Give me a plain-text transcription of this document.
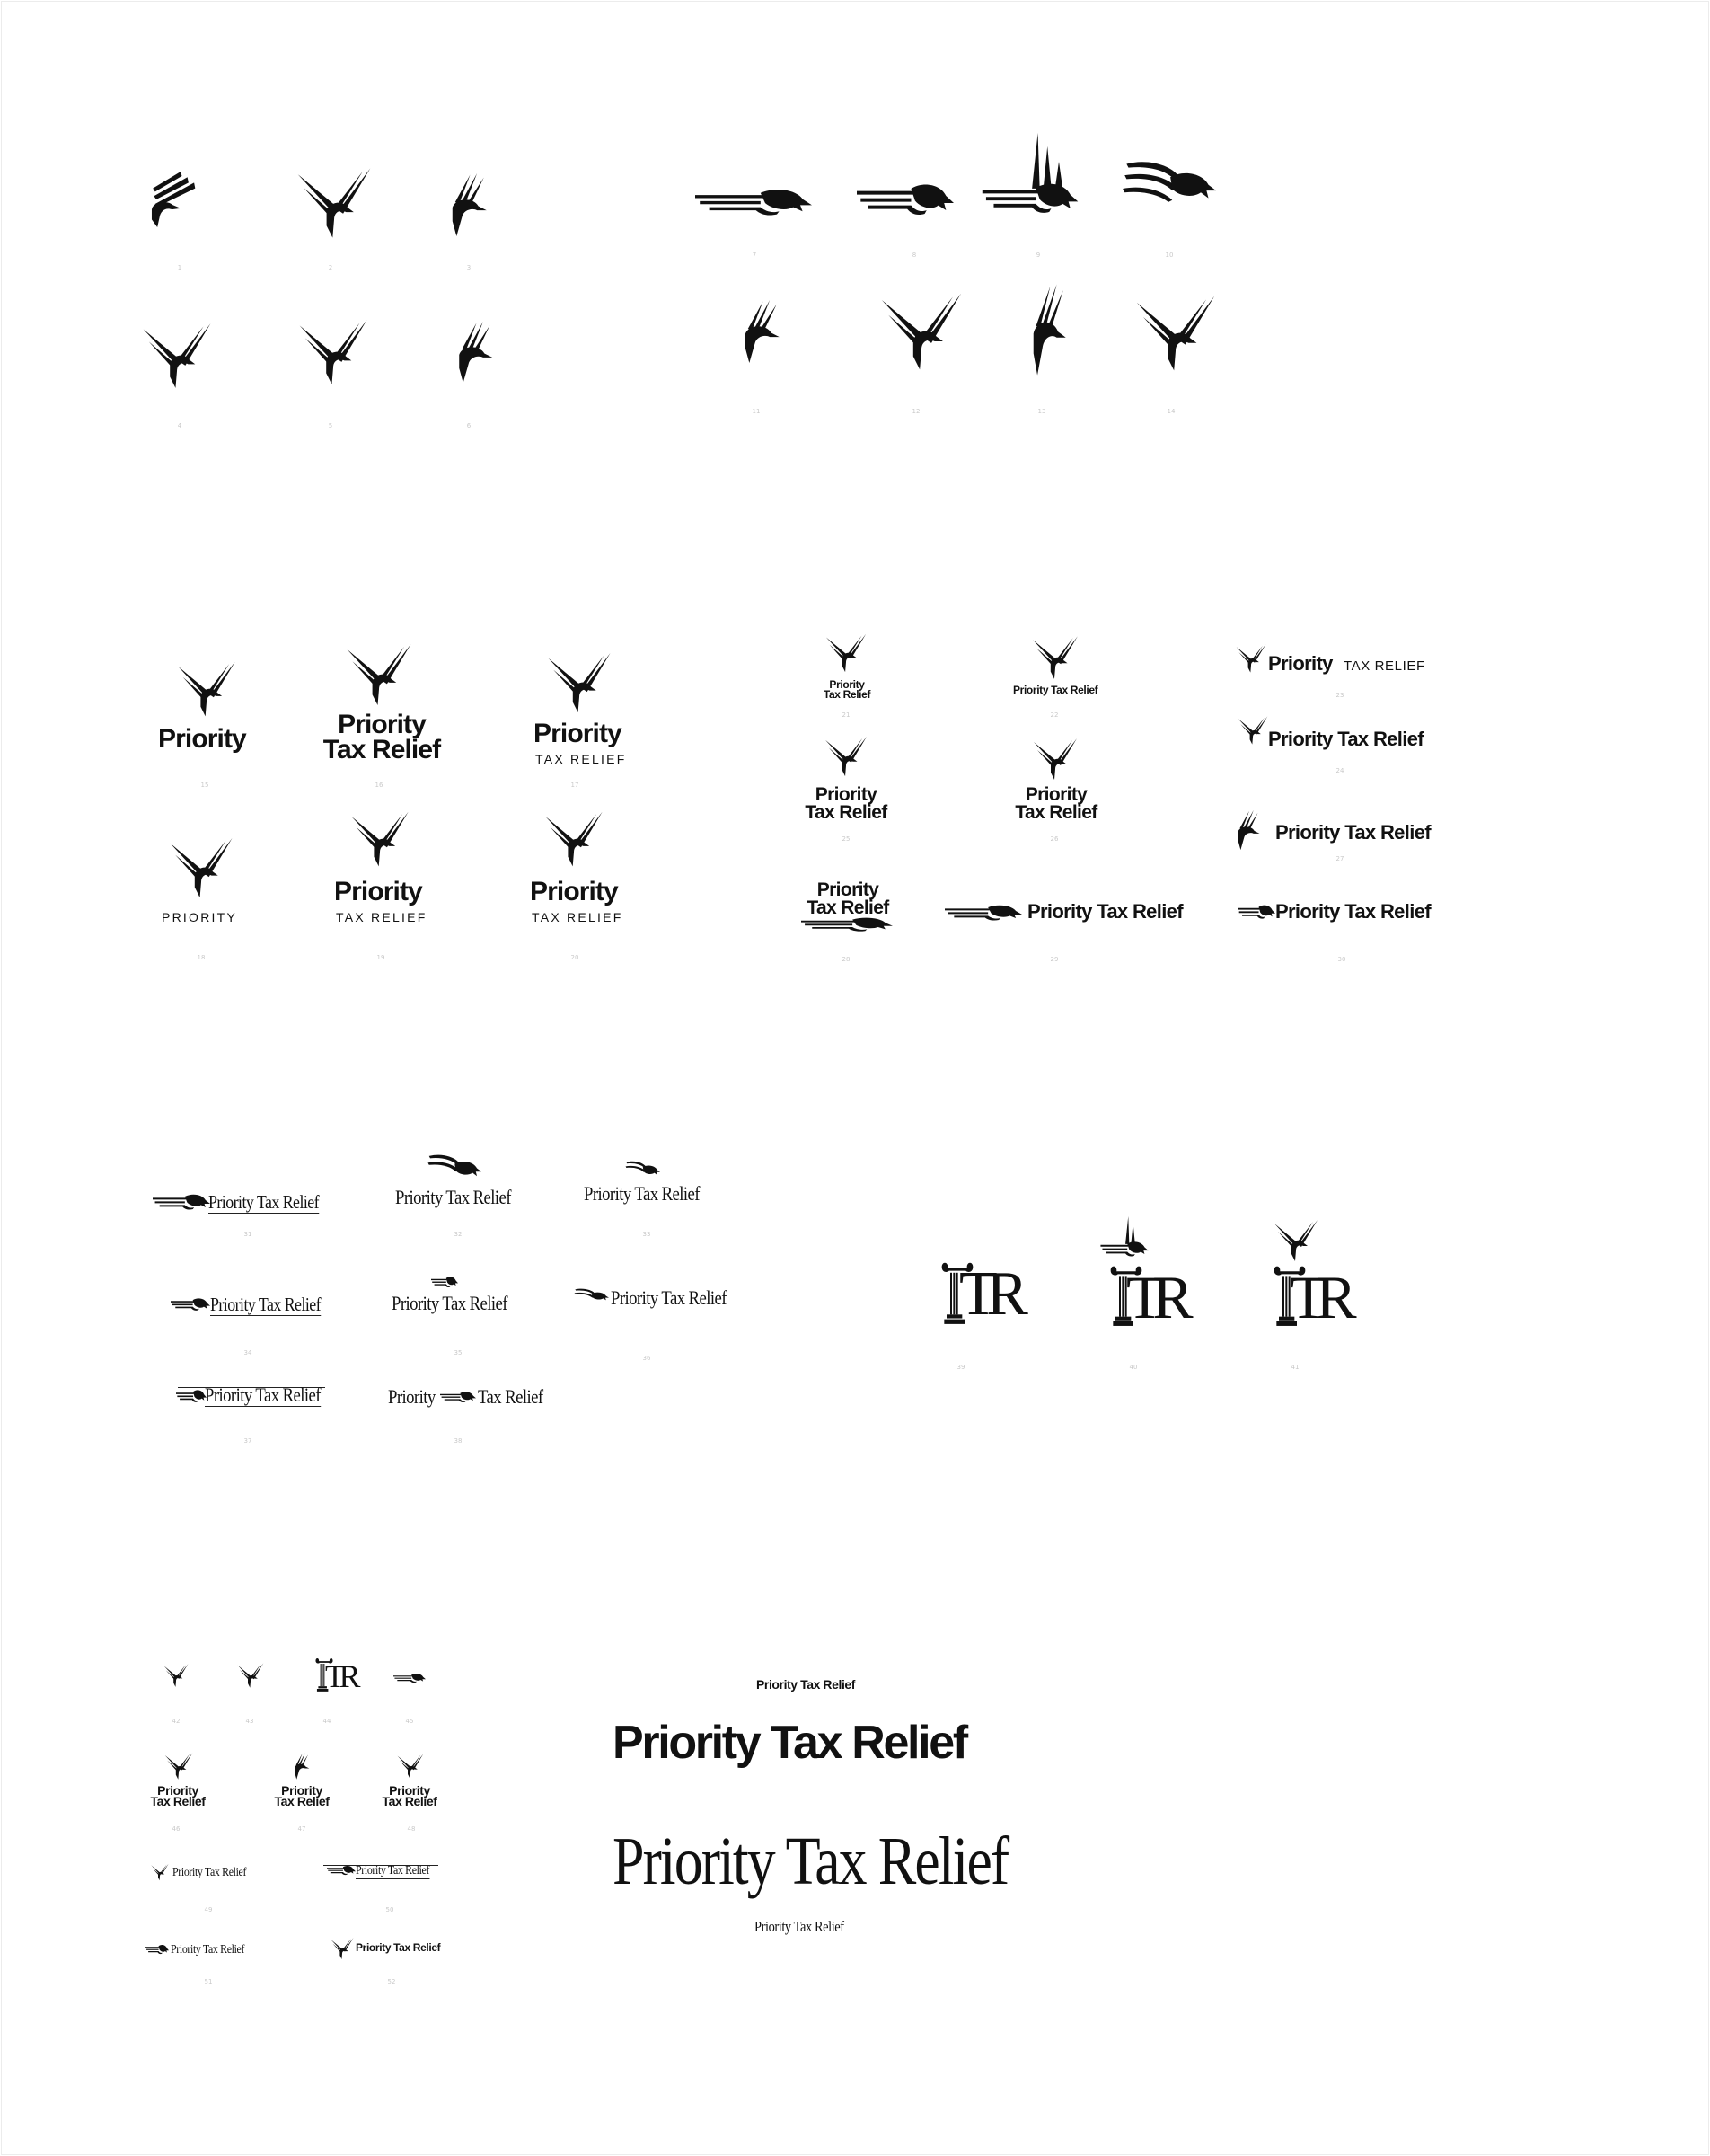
1	2	3
4	5	6
7	8	9	10
11	12	13	14
Priority
15
Priority
Tax Relief
16
Priority
TAX RELIEF
17
PRIORITY
18
Priority
TAX RELIEF
19
Priority
TAX RELIEF
20
Priority
Tax Relief
21
Priority Tax Relief
22
Priority TAX RELIEF
23
Priority Tax Relief
24
Priority
Tax Relief
25
Priority
Tax Relief
26	Priority Tax Relief
27
Priority
Tax Relief
28
Priority Tax Relief
29
Priority Tax Relief
30
Priority Tax Relief
31
Priority Tax Relief
32
Priority Tax Relief
33
Priority Tax Relief
34
Priority Tax Relief
35
Priority Tax Relief
36
Priority Tax Relief
37
Priority Tax Relief
38
TR
39
TR
40
TR
41
42	43
TR
44	45
Priority
Tax Relief
46
Priority
Tax Relief
47
Priority
Tax Relief
48
Priority Tax Relief
49
Priority Tax Relief
50
Priority Tax Relief
51
Priority Tax Relief
52
Priority Tax Relief
Priority Tax Relief
Priority Tax Relief
Priority Tax Relief
